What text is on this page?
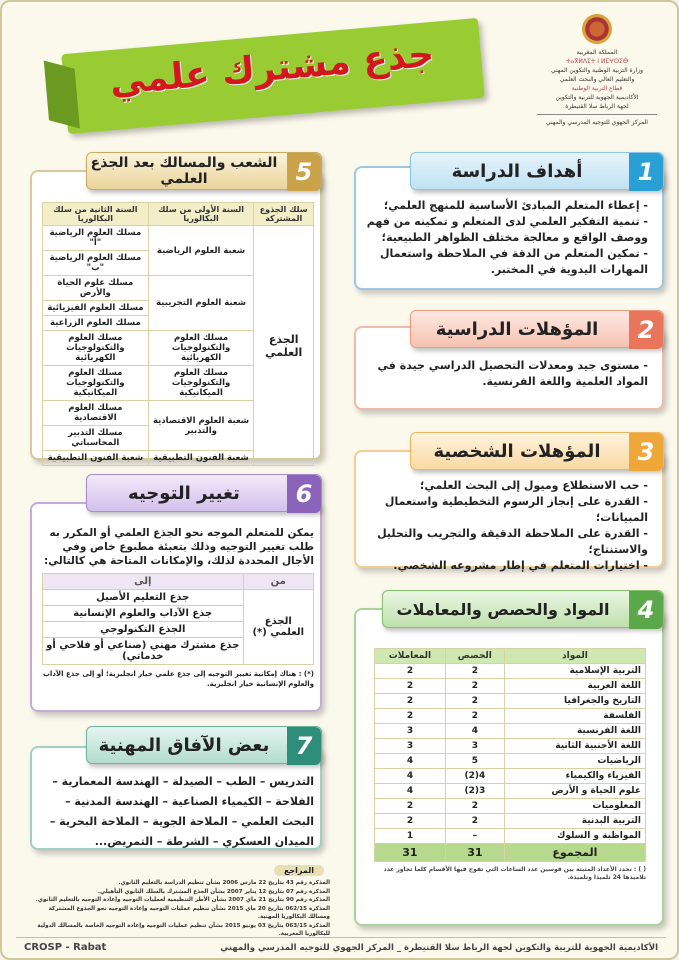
جذع مشترك علمي	المملكة المغربية
ⵜⴰⴳⵍⴷⵉⵜ ⵏ ⵍⵎⵖⵔⵉⴱ
وزارة التربية الوطنية والتكوين المهني
والتعليم العالي والبحث العلمي
قطاع التربية الوطنية
الأكاديمية الجهوية للتربية والتكوين
لجهة الرباط سلا القنيطرة
المركز الجهوي للتوجيه المدرسي والمهني
- إعطاء المتعلم المبادئ الأساسية للمنهج العلمي؛
- تنمية التفكير العلمي لدى المتعلم و تمكينه من فهم ووصف الواقع و معالجة مختلف الظواهر الطبيعية؛
- تمكين المتعلم من الدقة في الملاحظة واستعمال المهارات اليدوية في المختبر.
1
أهداف الدراسة
- مستوى جيد ومعدلات التحصيل الدراسي جيدة في المواد العلمية واللغة الفرنسية.
2
المؤهلات الدراسية
- حب الاستطلاع وميول إلى البحث العلمي؛
- القدرة على إنجاز الرسوم التخطيطية واستعمال المبيانات؛
- القدرة على الملاحظة الدقيقة والتجريب والتحليل والاستنتاج؛
- اختيارات المتعلم في إطار مشروعه الشخصي.
3
المؤهلات الشخصية
المواد	الحصص	المعاملات
التربية الإسلامية	2	2
اللغة العربية	2	2
التاريخ والجغرافيا	2	2
الفلسفة	2	2
اللغة الفرنسية	4	3
اللغة الأجنبية الثانية	3	3
الرياضيات	5	4
الفيزياء والكيمياء	4(2)	4
علوم الحياة و الأرض	3(2)	4
المعلوميات	2	2
التربية البدنية	2	2
المواظبة و السلوك	–	1
المجموع	31	31
( ) : تحدد الأعداد المثبتة بين قوسين عدد الساعات التي تفوج فيها الأقسام كلما تجاوز عدد تلاميذها 24 تلميذا وتلميذة.
4
المواد والحصص والمعاملات
سلك الجذوع المشتركة	السنة الأولى من سلك البكالوريا	السنة الثانية من سلك البكالوريا
الجذع العلمي	شعبة العلوم الرياضية	مسلك العلوم الرياضية "أ"
		مسلك العلوم الرياضية "ب"
	شعبة العلوم التجريبية	مسلك علوم الحياة والأرض
		مسلك العلوم الفيزيائية
		مسلك العلوم الزراعية
	مسلك العلوم والتكنولوجيات الكهربائية	مسلك العلوم والتكنولوجيات الكهربائية
	مسلك العلوم والتكنولوجيات الميكانيكية	مسلك العلوم والتكنولوجيات الميكانيكية
	شعبة العلوم الاقتصادية والتدبير	مسلك العلوم الاقتصادية
		مسلك التدبير المحاسباتي
	شعبة الفنون التطبيقية	شعبة الفنون التطبيقية
5
الشعب والمسالك بعد الجذع العلمي
يمكن للمتعلم الموجه نحو الجذع العلمي أو المكرر به طلب تغيير التوجيه وذلك بتعبئة مطبوع خاص وفي الأجال المحددة لذلك، والإمكانات المتاحة هي كالتالي:
من	إلى
الجذع العلمي (*)	جذع التعليم الأصيل
	جذع الآداب والعلوم الإنسانية
	الجذع التكنولوجي
	جذع مشترك مهني (صناعي أو فلاحي أو خدماتي)
(*) : هناك إمكانية تغيير التوجيه إلى جذع علمي خيار انجليزية؛ أو إلى جذع الآداب والعلوم الإنسانية خيار انجليزية.
6
تغيير التوجيه
التدريس – الطب – الصيدلة – الهندسة المعمارية – الفلاحة – الكيمياء الصناعية – الهندسة المدنية – البحث العلمي – الملاحة الجوية – الملاحة البحرية – الميدان العسكري – الشرطة – التمريض...
7
بعض الآفاق المهنية
المراجع
المذكرة رقم 43 بتاريخ 22 مارس 2006 بشأن تنظيم الدراسة بالتعليم الثانوي.
المذكرة رقم 07 بتاريخ 12 يناير 2007 بشأن الجذع المشترك بالسلك الثانوي التأهيلي.
المذكرة رقم 90 بتاريخ 21 ماي 2007 بشأن الأطر التنظيمية لعمليات التوجيه وإعادة التوجيه بالتعليم الثانوي.
المذكرة 062/15 بتاريخ 20 ماي 2015 بشأن تنظيم عمليات التوجيه وإعادة التوجيه نحو الجذوع المشتركة ومسالك البكالوريا المهنية.
المذكرة 063/15 بتاريخ 03 يونيو 2015 بشأن تنظيم عمليات التوجيه وإعادة التوجيه الخاصة بالمسالك الدولية للبكالوريا المغربية.
CROSP - Rabat	الأكاديمية الجهوية للتربية والتكوين لجهة الرباط سلا القنيطرة _ المركز الجهوي للتوجيه المدرسي والمهني
